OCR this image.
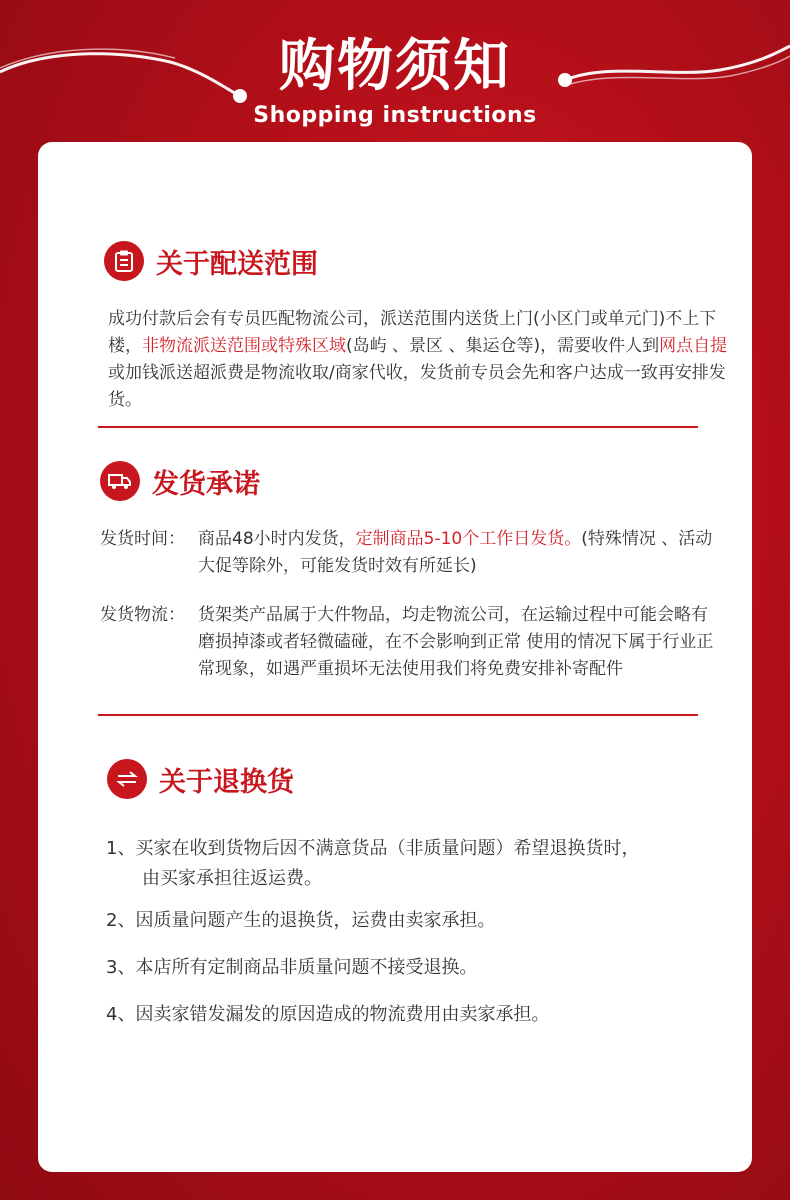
购物须知
Shopping instructions
关于配送范围
成功付款后会有专员匹配物流公司，派送范围内送货上门(小区门或单元门)不上下楼，非物流派送范围或特殊区域(岛屿 、景区 、集运仓等)，需要收件人到网点自提或加钱派送超派费是物流收取/商家代收，发货前专员会先和客户达成一致再安排发货。
发货承诺
发货时间： 商品48小时内发货，定制商品5-10个工作日发货。(特殊情况 、活动大促等除外，可能发货时效有所延长)
发货物流： 货架类产品属于大件物品，均走物流公司，在运输过程中可能会略有磨损掉漆或者轻微磕碰，在不会影响到正常 使用的情况下属于行业正常现象，如遇严重损坏无法使用我们将免费安排补寄配件
关于退换货
1、买家在收到货物后因不满意货品（非质量问题）希望退换货时，
由买家承担往返运费。
2、因质量问题产生的退换货，运费由卖家承担。
3、本店所有定制商品非质量问题不接受退换。
4、因卖家错发漏发的原因造成的物流费用由卖家承担。
